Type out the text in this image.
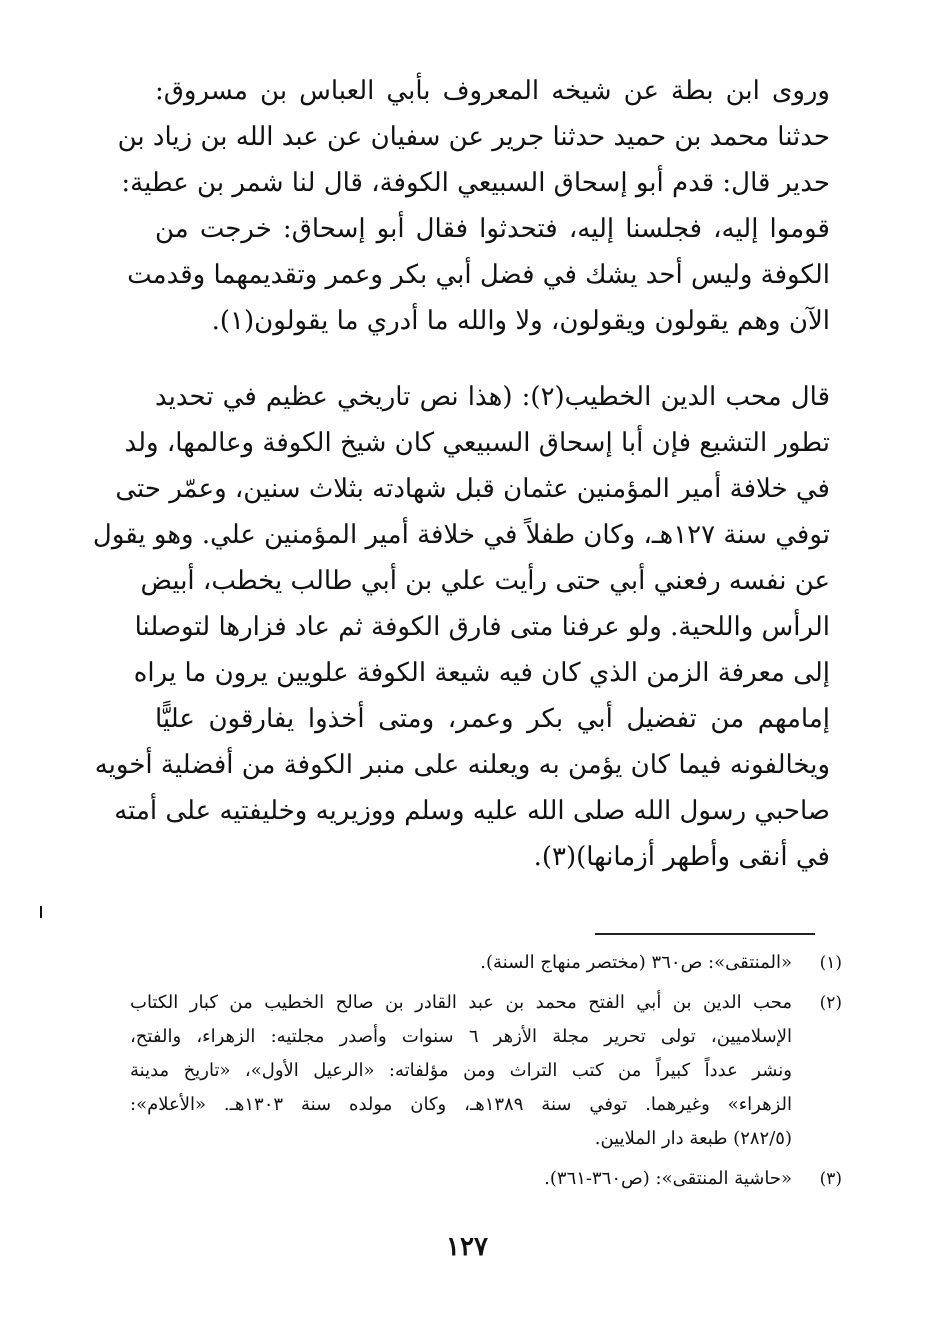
وروى ابن بطة عن شيخه المعروف بأبي العباس بن مسروق:
حدثنا محمد بن حميد حدثنا جرير عن سفيان عن عبد الله بن زياد بن
حدير قال: قدم أبو إسحاق السبيعي الكوفة، قال لنا شمر بن عطية:
قوموا إليه، فجلسنا إليه، فتحدثوا فقال أبو إسحاق: خرجت من
الكوفة وليس أحد يشك في فضل أبي بكر وعمر وتقديمهما وقدمت
الآن وهم يقولون ويقولون، ولا والله ما أدري ما يقولون(١).
قال محب الدين الخطيب(٢): (هذا نص تاريخي عظيم في تحديد
تطور التشيع فإن أبا إسحاق السبيعي كان شيخ الكوفة وعالمها، ولد
في خلافة أمير المؤمنين عثمان قبل شهادته بثلاث سنين، وعمّر حتى
توفي سنة ١٢٧هـ، وكان طفلاً في خلافة أمير المؤمنين علي. وهو يقول
عن نفسه رفعني أبي حتى رأيت علي بن أبي طالب يخطب، أبيض
الرأس واللحية. ولو عرفنا متى فارق الكوفة ثم عاد فزارها لتوصلنا
إلى معرفة الزمن الذي كان فيه شيعة الكوفة علويين يرون ما يراه
إمامهم من تفضيل أبي بكر وعمر، ومتى أخذوا يفارقون عليًّا
ويخالفونه فيما كان يؤمن به ويعلنه على منبر الكوفة من أفضلية أخويه
صاحبي رسول الله صلى الله عليه وسلم ووزيريه وخليفتيه على أمته
في أنقى وأطهر أزمانها)(٣).
(١)
«المنتقى»: ص٣٦٠ (مختصر منهاج السنة).
(٢)
محب الدين بن أبي الفتح محمد بن عبد القادر بن صالح الخطيب من كبار الكتاب
الإسلاميين، تولى تحرير مجلة الأزهر ٦ سنوات وأصدر مجلتيه: الزهراء، والفتح،
ونشر عدداً كبيراً من كتب التراث ومن مؤلفاته: «الرعيل الأول»، «تاريخ مدينة
الزهراء» وغيرهما. توفي سنة ١٣٨٩هـ، وكان مولده سنة ١٣٠٣هـ. «الأعلام»:
(٢٨٢/٥) طبعة دار الملايين.
(٣)
«حاشية المنتقى»: (ص٣٦٠-٣٦١).
١٢٧
